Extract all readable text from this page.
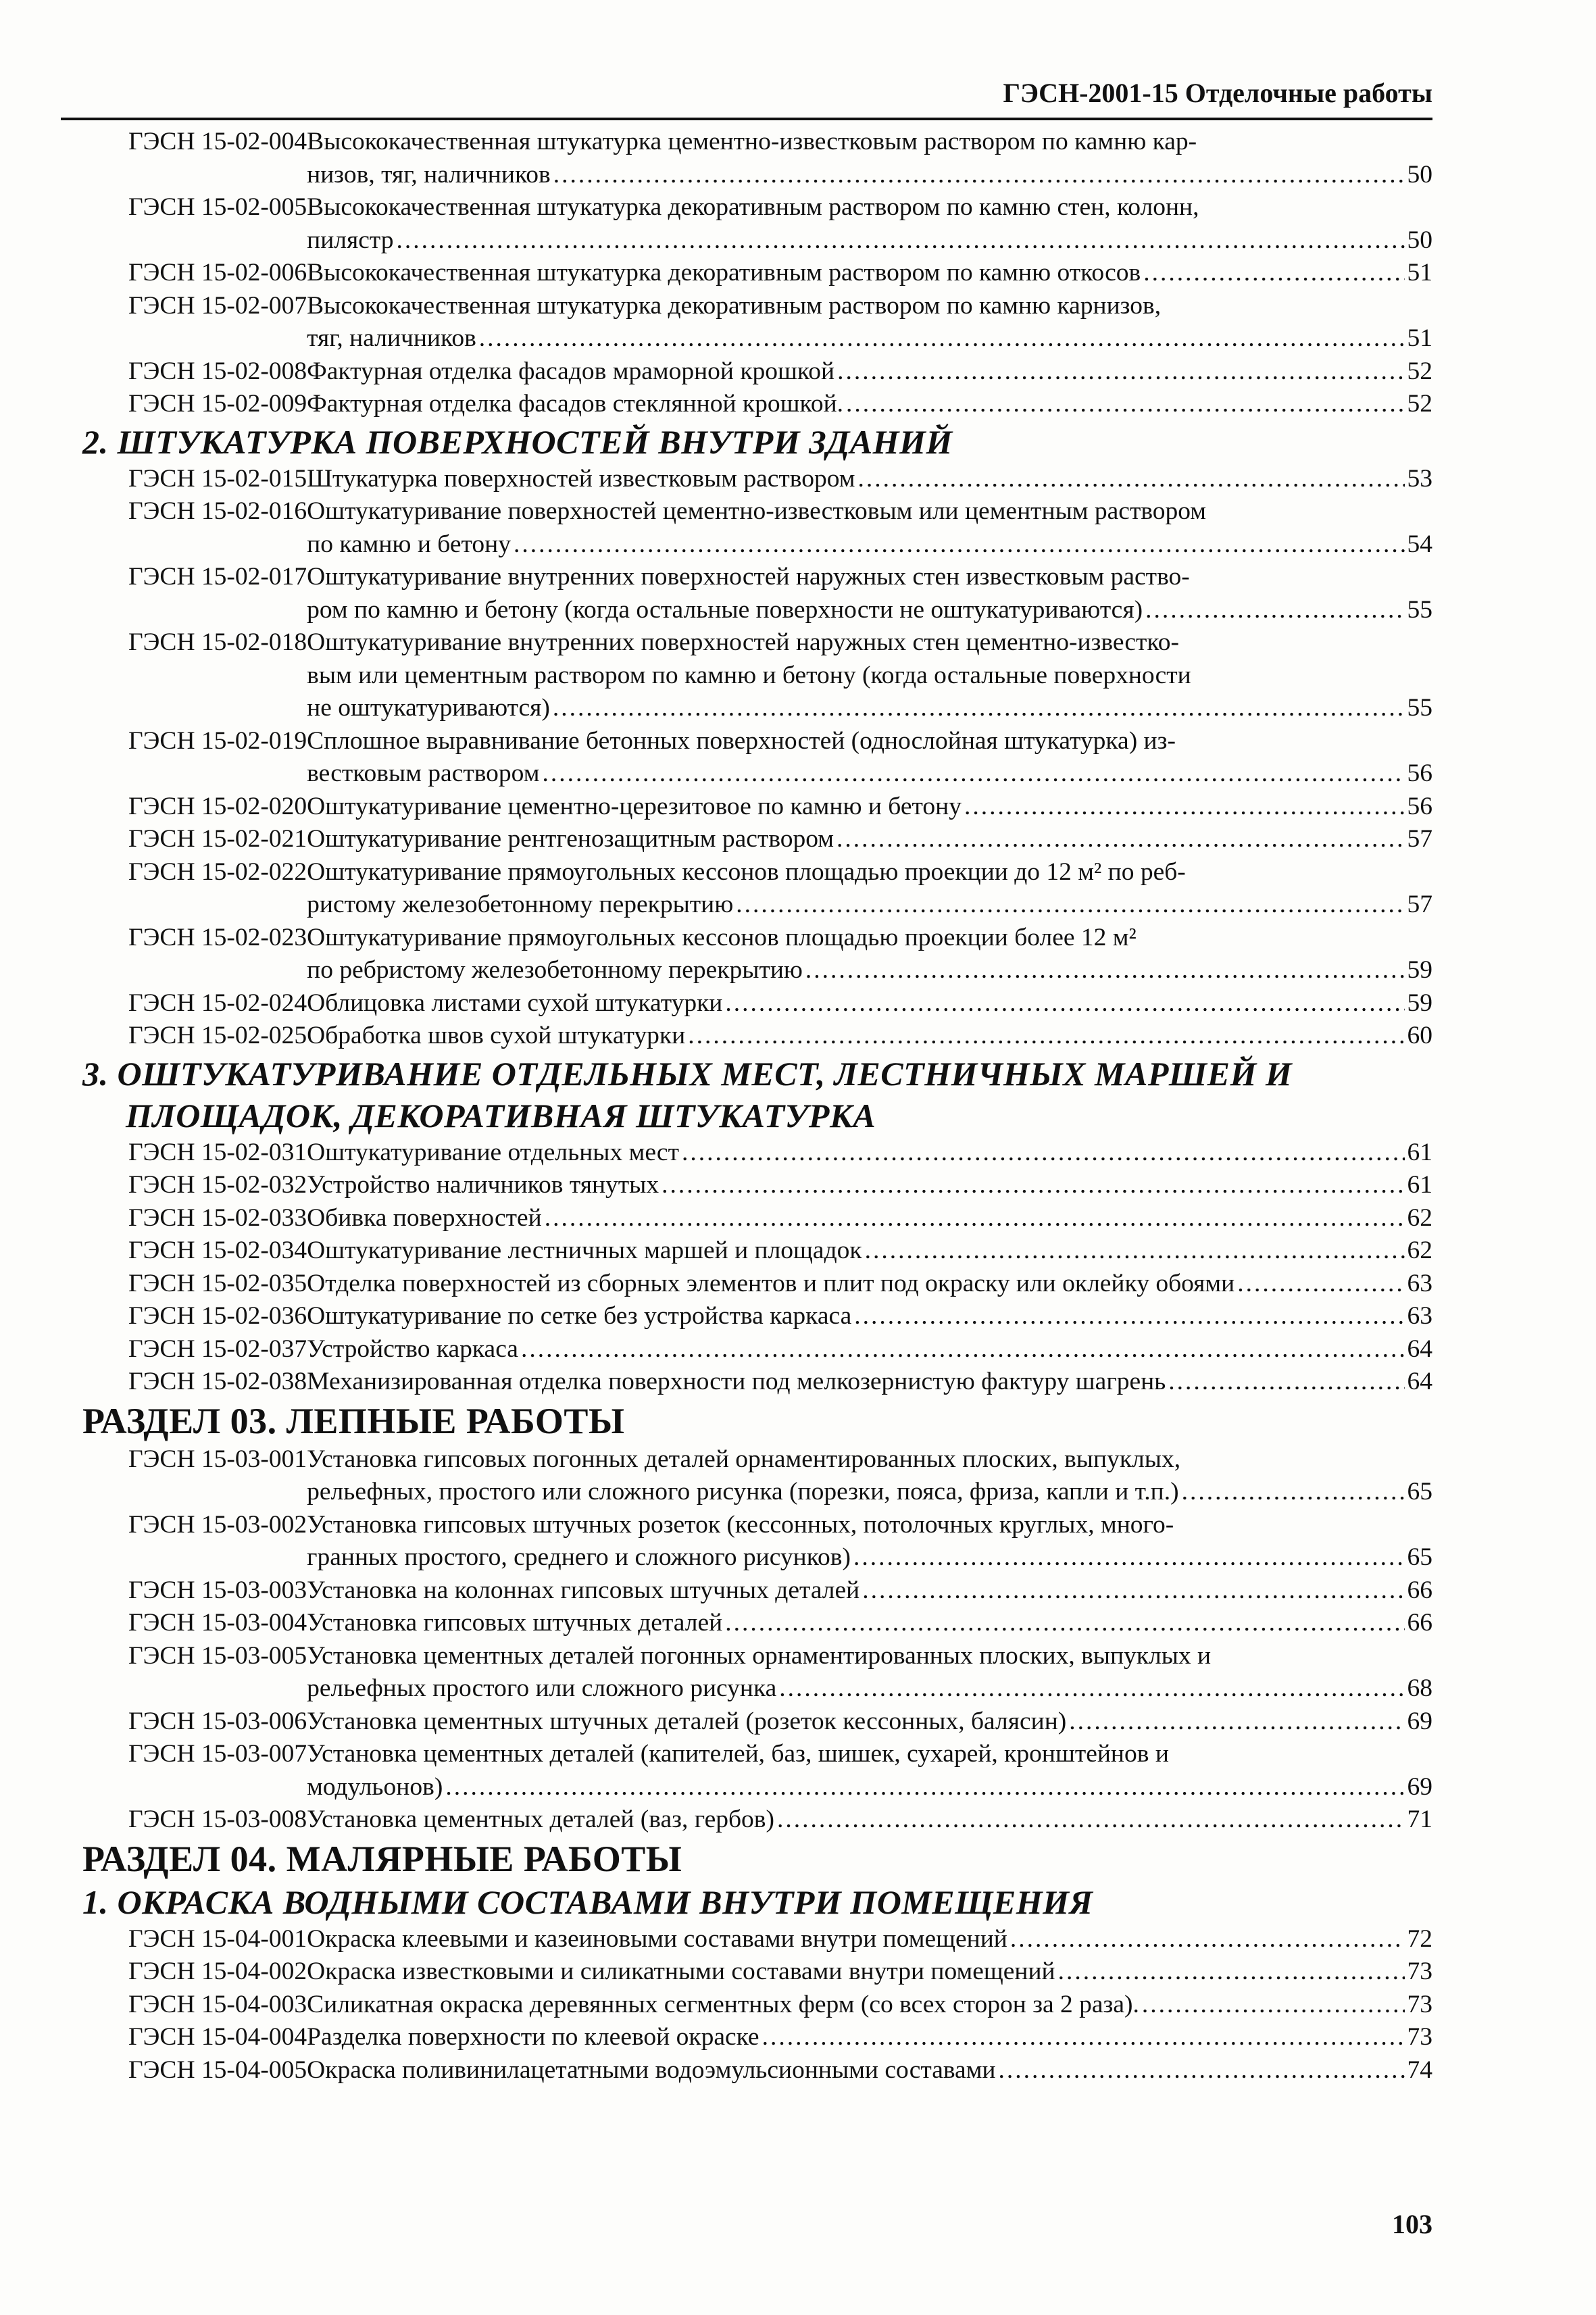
ГЭСН-2001-15 Отделочные работы
ГЭСН 15-02-004 Высококачественная штукатурка цементно-известковым раствором по камню кар-
низов, тяг, наличников .....	50
ГЭСН 15-02-005 Высококачественная штукатурка декоративным раствором по камню стен, колонн,
пилястр .....	50
ГЭСН 15-02-006 Высококачественная штукатурка декоративным раствором по камню откосов .....	51
ГЭСН 15-02-007 Высококачественная штукатурка декоративным раствором по камню карнизов,
тяг, наличников .....	51
ГЭСН 15-02-008 Фактурная отделка фасадов мраморной крошкой .....	52
ГЭСН 15-02-009 Фактурная отделка фасадов стеклянной крошкой. .....	52
2. ШТУКАТУРКА ПОВЕРХНОСТЕЙ ВНУТРИ ЗДАНИЙ
ГЭСН 15-02-015 Штукатурка поверхностей известковым раствором .....	53
ГЭСН 15-02-016 Оштукатуривание поверхностей цементно-известковым или цементным раствором
по камню и бетону .....	54
ГЭСН 15-02-017 Оштукатуривание внутренних поверхностей наружных стен известковым раство-
ром по камню и бетону (когда остальные поверхности не оштукатуриваются) .....	55
ГЭСН 15-02-018 Оштукатуривание внутренних поверхностей наружных стен цементно-известко-
вым или цементным раствором по камню и бетону (когда остальные поверхности
не оштукатуриваются) .....	55
ГЭСН 15-02-019 Сплошное выравнивание бетонных поверхностей (однослойная штукатурка) из-
вестковым раствором .....	56
ГЭСН 15-02-020 Оштукатуривание цементно-церезитовое по камню и бетону .....	56
ГЭСН 15-02-021 Оштукатуривание рентгенозащитным раствором .....	57
ГЭСН 15-02-022 Оштукатуривание прямоугольных кессонов площадью проекции до 12 м² по реб-
ристому железобетонному перекрытию .....	57
ГЭСН 15-02-023 Оштукатуривание прямоугольных кессонов площадью проекции более 12 м²
по ребристому железобетонному перекрытию .....	59
ГЭСН 15-02-024 Облицовка листами сухой штукатурки .....	59
ГЭСН 15-02-025 Обработка швов сухой штукатурки .....	60
3. ОШТУКАТУРИВАНИЕ ОТДЕЛЬНЫХ МЕСТ, ЛЕСТНИЧНЫХ МАРШЕЙ И
ПЛОЩАДОК, ДЕКОРАТИВНАЯ ШТУКАТУРКА
ГЭСН 15-02-031 Оштукатуривание отдельных мест .....	61
ГЭСН 15-02-032 Устройство наличников тянутых .....	61
ГЭСН 15-02-033 Обивка поверхностей .....	62
ГЭСН 15-02-034 Оштукатуривание лестничных маршей и площадок .....	62
ГЭСН 15-02-035 Отделка поверхностей из сборных элементов и плит под окраску или оклейку обоями .....	63
ГЭСН 15-02-036 Оштукатуривание по сетке без устройства каркаса .....	63
ГЭСН 15-02-037 Устройство каркаса .....	64
ГЭСН 15-02-038 Механизированная отделка поверхности под мелкозернистую фактуру шагрень .....	64
РАЗДЕЛ 03. ЛЕПНЫЕ РАБОТЫ
ГЭСН 15-03-001 Установка гипсовых погонных деталей орнаментированных плоских, выпуклых,
рельефных, простого или сложного рисунка (порезки, пояса, фриза, капли и т.п.) .....	65
ГЭСН 15-03-002 Установка гипсовых штучных розеток (кессонных, потолочных круглых, много-
гранных простого, среднего и сложного рисунков) .....	65
ГЭСН 15-03-003 Установка на колоннах гипсовых штучных деталей .....	66
ГЭСН 15-03-004 Установка гипсовых штучных деталей .....	66
ГЭСН 15-03-005 Установка цементных деталей погонных орнаментированных плоских, выпуклых и
рельефных простого или сложного рисунка .....	68
ГЭСН 15-03-006 Установка цементных штучных деталей (розеток кессонных, балясин) .....	69
ГЭСН 15-03-007 Установка цементных деталей (капителей, баз, шишек, сухарей, кронштейнов и
модульонов) .....	69
ГЭСН 15-03-008 Установка цементных деталей (ваз, гербов) .....	71
РАЗДЕЛ 04. МАЛЯРНЫЕ РАБОТЫ
1. ОКРАСКА ВОДНЫМИ СОСТАВАМИ ВНУТРИ ПОМЕЩЕНИЯ
ГЭСН 15-04-001 Окраска клеевыми и казеиновыми составами внутри помещений .....	72
ГЭСН 15-04-002 Окраска известковыми и силикатными составами внутри помещений .....	73
ГЭСН 15-04-003 Силикатная окраска деревянных сегментных ферм (со всех сторон за 2 раза). .....	73
ГЭСН 15-04-004 Разделка поверхности по клеевой окраске .....	73
ГЭСН 15-04-005 Окраска поливинилацетатными водоэмульсионными составами .....	74
103
